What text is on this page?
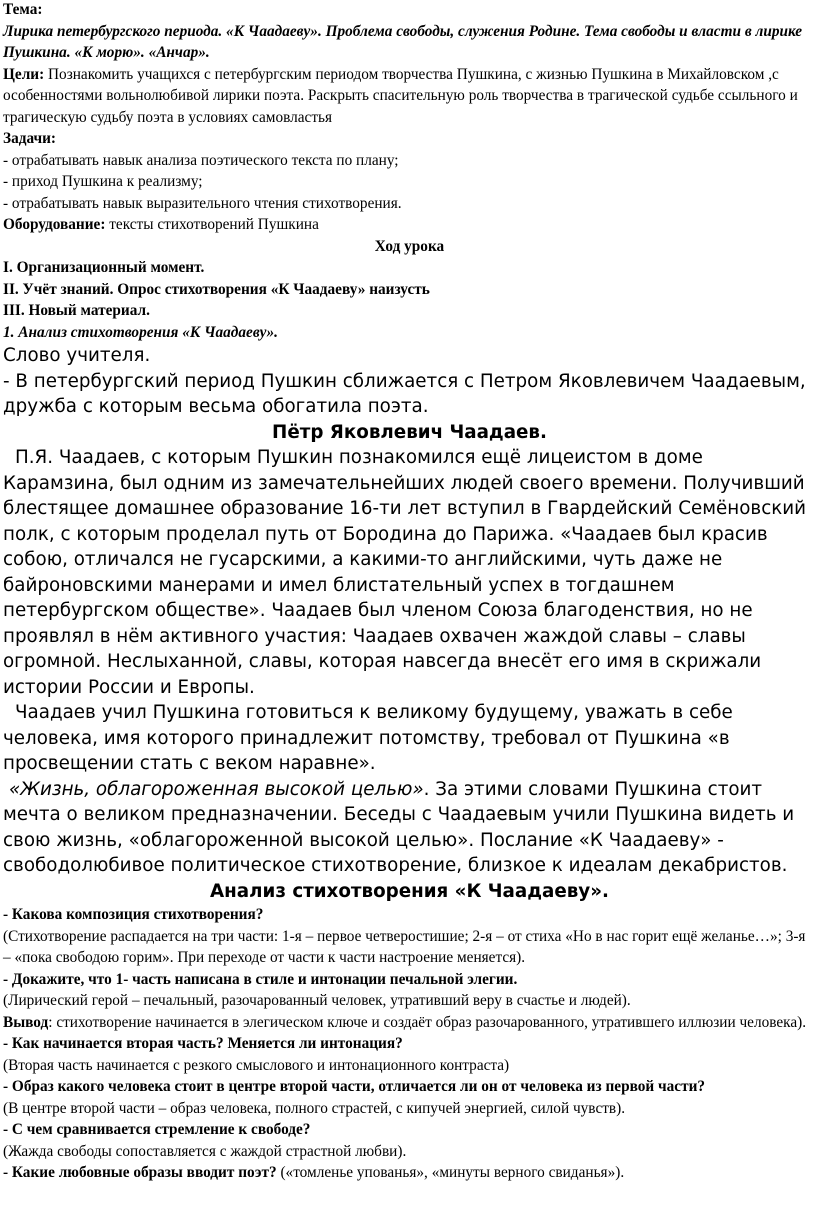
Тема:
Лирика петербургского периода. «К Чаадаеву». Проблема свободы, служения Родине. Тема свободы и власти в лирике Пушкина. «К морю». «Анчар».

Цели: Познакомить учащихся с петербургским периодом творчества Пушкина, с жизнью Пушкина в Михайловском ,с особенностями вольнолюбивой лирики поэта. Раскрыть спасительную роль творчества в трагической судьбе ссыльного и трагическую судьбу поэта в условиях самовластья

Задачи:

- отрабатывать навык анализа поэтического текста по плану;

- приход Пушкина к реализму;

- отрабатывать навык выразительного чтения стихотворения.

Оборудование: тексты стихотворений Пушкина

Ход урока

I. Организационный момент.

II. Учёт знаний. Опрос стихотворения «К Чаадаеву» наизусть

III. Новый материал.

1. Анализ стихотворения «К Чаадаеву».

Слово учителя.

- В петербургский период Пушкин сближается с Петром Яковлевичем Чаадаевым, дружба с которым весьма обогатила поэта.

Пётр Яковлевич Чаадаев.

П.Я. Чаадаев, с которым Пушкин познакомился ещё лицеистом в доме Карамзина, был одним из замечательнейших людей своего времени. Получивший блестящее домашнее образование 16-ти лет вступил в Гвардейский Семёновский полк, с которым проделал путь от Бородина до Парижа. «Чаадаев был красив собою, отличался не гусарскими, а какими-то английскими, чуть даже не байроновскими манерами и имел блистательный успех в тогдашнем петербургском обществе». Чаадаев был членом Союза благоденствия, но не проявлял в нём активного участия: Чаадаев охвачен жаждой славы – славы огромной. Неслыханной, славы, которая навсегда внесёт его имя в скрижали истории России и Европы.

Чаадаев учил Пушкина готовиться к великому будущему, уважать в себе человека, имя которого принадлежит потомству, требовал от Пушкина «в просвещении стать с веком наравне».

«Жизнь, облагороженная высокой целью». За этими словами Пушкина стоит мечта о великом предназначении. Беседы с Чаадаевым учили Пушкина видеть и свою жизнь, «облагороженной высокой целью». Послание «К Чаадаеву» - свободолюбивое политическое стихотворение, близкое к идеалам декабристов.

Анализ стихотворения «К Чаадаеву».

- Какова композиция стихотворения?

(Стихотворение распадается на три части: 1-я – первое четверостишие; 2-я – от стиха «Но в нас горит ещё желанье…»; 3-я – «пока свободою горим». При переходе от части к части настроение меняется).

- Докажите, что 1- часть написана в стиле и интонации печальной элегии.

(Лирический герой – печальный, разочарованный человек, утративший веру в счастье и людей).

Вывод: стихотворение начинается в элегическом ключе и создаёт образ разочарованного, утратившего иллюзии человека).

- Как начинается вторая часть? Меняется ли интонация?

(Вторая часть начинается с резкого смыслового и интонационного контраста)

- Образ какого человека стоит в центре второй части, отличается ли он от человека из первой части?

(В центре второй части – образ человека, полного страстей, с кипучей энергией, силой чувств).

- С чем сравнивается стремление к свободе?

(Жажда свободы сопоставляется с жаждой страстной любви).

- Какие любовные образы вводит поэт? («томленье упованья», «минуты верного свиданья»).
